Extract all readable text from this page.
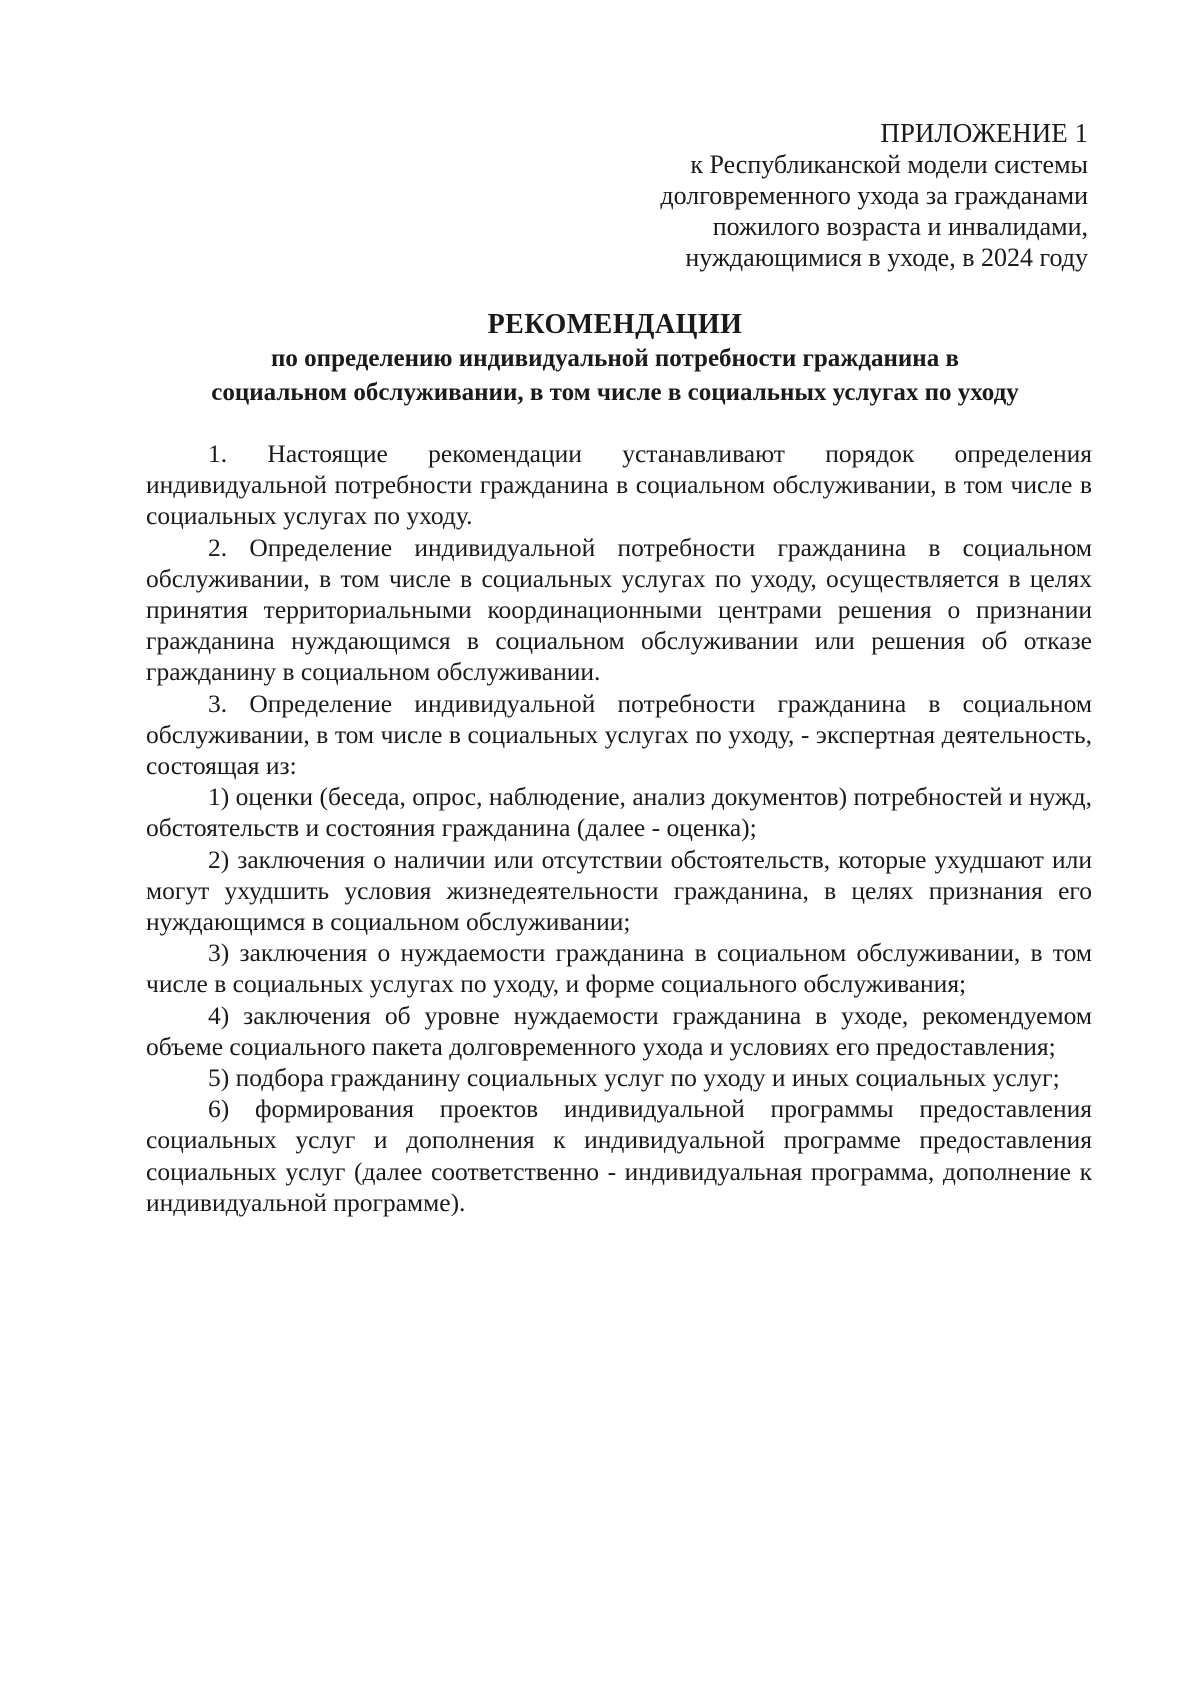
ПРИЛОЖЕНИЕ 1
к Республиканской модели системы
долговременного ухода за гражданами
пожилого возраста и инвалидами,
нуждающимися в уходе, в 2024 году
РЕКОМЕНДАЦИИ
по определению индивидуальной потребности гражданина в
социальном обслуживании, в том числе в социальных услугах по уходу

1. Настоящие рекомендации устанавливают порядок определения индивидуальной потребности гражданина в социальном обслуживании, в том числе в социальных услугах по уходу.

2. Определение индивидуальной потребности гражданина в социальном обслуживании, в том числе в социальных услугах по уходу, осуществляется в целях принятия территориальными координационными центрами решения о признании гражданина нуждающимся в социальном обслуживании или решения об отказе гражданину в социальном обслуживании.

3. Определение индивидуальной потребности гражданина в социальном обслуживании, в том числе в социальных услугах по уходу, - экспертная деятельность, состоящая из:

1) оценки (беседа, опрос, наблюдение, анализ документов) потребностей и нужд, обстоятельств и состояния гражданина (далее - оценка);

2) заключения о наличии или отсутствии обстоятельств, которые ухудшают или могут ухудшить условия жизнедеятельности гражданина, в целях признания его нуждающимся в социальном обслуживании;

3) заключения о нуждаемости гражданина в социальном обслуживании, в том числе в социальных услугах по уходу, и форме социального обслуживания;

4) заключения об уровне нуждаемости гражданина в уходе, рекомендуемом объеме социального пакета долговременного ухода и условиях его предоставления;

5) подбора гражданину социальных услуг по уходу и иных социальных услуг;

6) формирования проектов индивидуальной программы предоставления социальных услуг и дополнения к индивидуальной программе предоставления социальных услуг (далее соответственно - индивидуальная программа, дополнение к индивидуальной программе).
